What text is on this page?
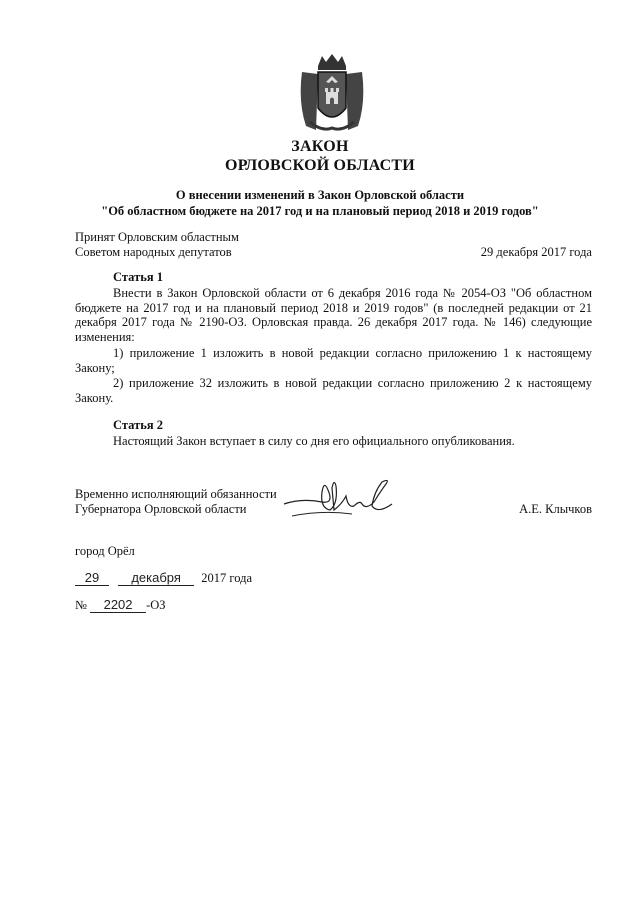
ЗАКОН
ОРЛОВСКОЙ ОБЛАСТИ
О внесении изменений в Закон Орловской области
"Об областном бюджете на 2017 год и на плановый период 2018 и 2019 годов"
Принят Орловским областным
Советом народных депутатов	29 декабря 2017 года
Статья 1
Внести в Закон Орловской области от 6 декабря 2016 года № 2054-ОЗ "Об областном бюджете на 2017 год и на плановый период 2018 и 2019 годов" (в последней редакции от 21 декабря 2017 года № 2190-ОЗ. Орловская правда. 26 декабря 2017 года. № 146) следующие изменения:
1) приложение 1 изложить в новой редакции согласно приложению 1 к настоящему Закону;
2) приложение 32 изложить в новой редакции согласно приложению 2 к настоящему Закону.
Статья 2
Настоящий Закон вступает в силу со дня его официального опубликования.
Временно исполняющий обязанности
Губернатора Орловской области	А.Е. Клычков
город Орёл
29 декабря 2017 года
№ 2202 -ОЗ
